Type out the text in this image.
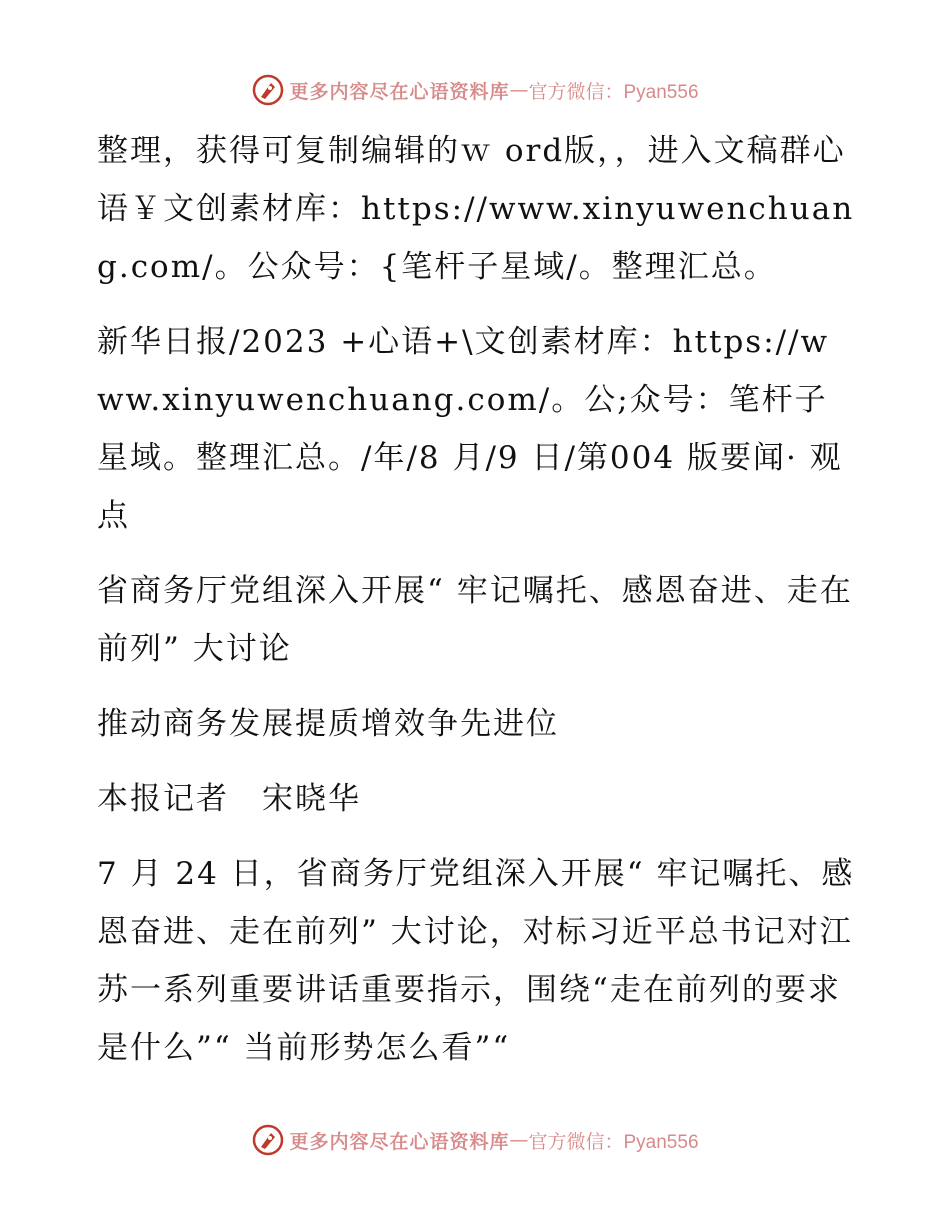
更多内容尽在心语资料库 — 官方微信：Pyan556

整理，获得可复制编辑的ｗ ord版，，进入文稿群心语￥文创素材库：https://www.xinyuwenchuang.com/。公众号：{笔杆子星域/。整理汇总。

新华日报/2023 +心语+\文创素材库：https://www.xinyuwenchuang.com/。公;众号：笔杆子星域。整理汇总。/年/8 月/9 日/第004 版要闻· 观点

省商务厅党组深入开展“ 牢记嘱托、感恩奋进、走在前列” 大讨论

推动商务发展提质增效争先进位

本报记者　宋晓华

7 月 24 日，省商务厅党组深入开展“ 牢记嘱托、感恩奋进、走在前列” 大讨论，对标习近平总书记对江苏一系列重要讲话重要指示，围绕“走在前列的要求是什么”“ 当前形势怎么看”“

更多内容尽在心语资料库 — 官方微信：Pyan556
